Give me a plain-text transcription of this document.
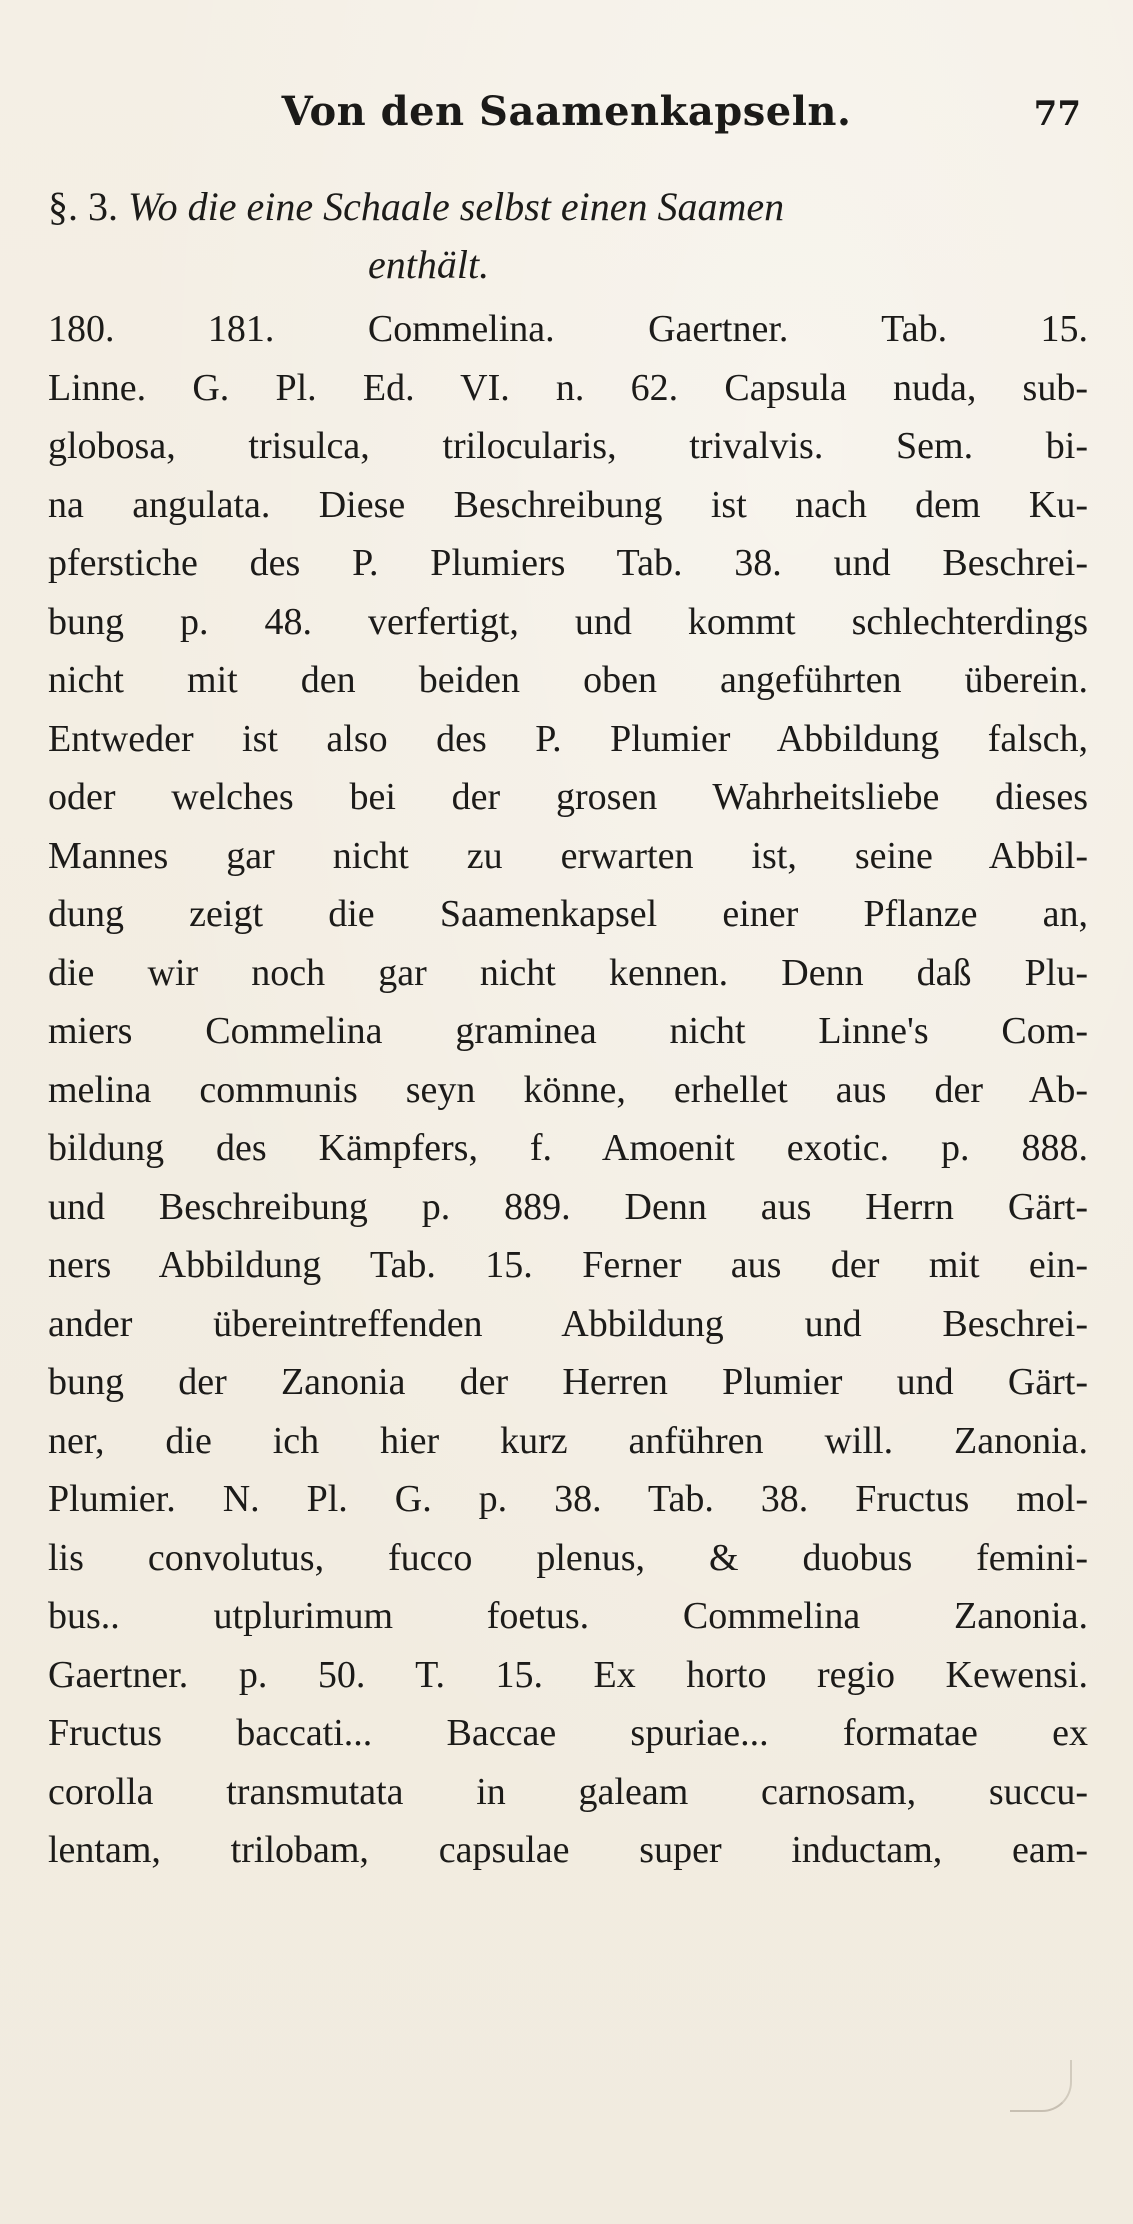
Von den Saamenkapseln.	77
§. 3. Wo die eine Schaale selbst einen Saamen
enthält.
180. 181. Commelina. Gaertner. Tab. 15.
Linne. G. Pl. Ed. VI. n. 62. Capsula nuda, sub-
globosa, trisulca, trilocularis, trivalvis. Sem. bi-
na angulata. Diese Beschreibung ist nach dem Ku-
pferstiche des P. Plumiers Tab. 38. und Beschrei-
bung p. 48. verfertigt, und kommt schlechterdings
nicht mit den beiden oben angeführten überein.
Entweder ist also des P. Plumier Abbildung falsch,
oder welches bei der grosen Wahrheitsliebe dieses
Mannes gar nicht zu erwarten ist, seine Abbil-
dung zeigt die Saamenkapsel einer Pflanze an,
die wir noch gar nicht kennen. Denn daß Plu-
miers Commelina graminea nicht Linne's Com-
melina communis seyn könne, erhellet aus der Ab-
bildung des Kämpfers, f. Amoenit exotic. p. 888.
und Beschreibung p. 889. Denn aus Herrn Gärt-
ners Abbildung Tab. 15. Ferner aus der mit ein-
ander übereintreffenden Abbildung und Beschrei-
bung der Zanonia der Herren Plumier und Gärt-
ner, die ich hier kurz anführen will. Zanonia.
Plumier. N. Pl. G. p. 38. Tab. 38. Fructus mol-
lis convolutus, fucco plenus, & duobus femini-
bus.. utplurimum foetus. Commelina Zanonia.
Gaertner. p. 50. T. 15. Ex horto regio Kewensi.
Fructus baccati... Baccae spuriae... formatae ex
corolla transmutata in galeam carnosam, succu-
lentam, trilobam, capsulae super inductam, eam-
